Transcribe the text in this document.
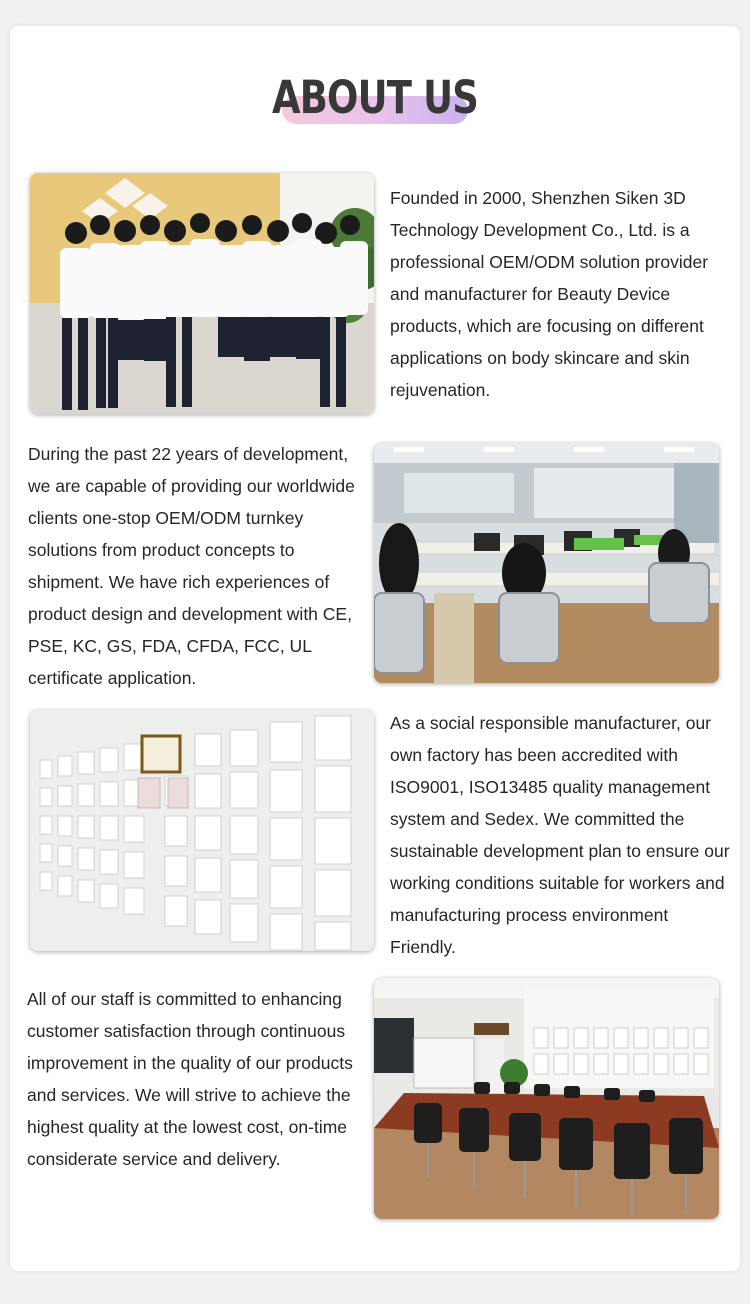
ABOUT US

Founded in 2000, Shenzhen Siken 3D Technology Development Co., Ltd. is a professional OEM/ODM solution provider and manufacturer for Beauty Device products, which are focusing on different applications on body skincare and skin rejuvenation.

During the past 22 years of development, we are capable of providing our worldwide clients one-stop OEM/ODM turnkey solutions from product concepts to shipment. We have rich experiences of product design and development with CE, PSE, KC, GS, FDA, CFDA, FCC, UL certificate application.

As a social responsible manufacturer, our own factory has been accredited with ISO9001, ISO13485 quality management system and Sedex. We committed the sustainable development plan to ensure our working conditions suitable for workers and manufacturing process environment Friendly.

All of our staff is committed to enhancing customer satisfaction through continuous improvement in the quality of our products and services. We will strive to achieve the highest quality at the lowest cost, on-time considerate service and delivery.
